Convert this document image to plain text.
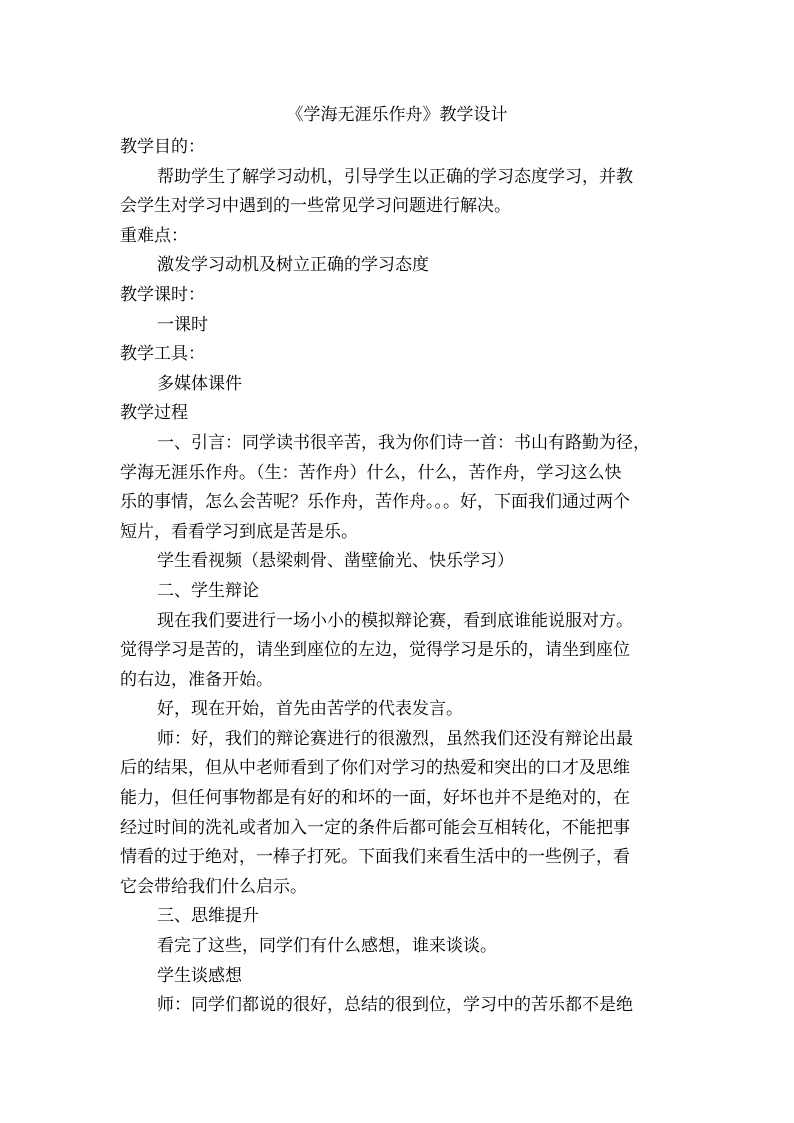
《学海无涯乐作舟》教学设计
教学目的：
帮助学生了解学习动机，引导学生以正确的学习态度学习，并教
会学生对学习中遇到的一些常见学习问题进行解决。
重难点：
激发学习动机及树立正确的学习态度
教学课时：
一课时
教学工具：
多媒体课件
教学过程
一、引言：同学读书很辛苦，我为你们诗一首：书山有路勤为径，
学海无涯乐作舟。（生：苦作舟）什么，什么，苦作舟，学习这么快
乐的事情，怎么会苦呢？乐作舟，苦作舟。。。好，下面我们通过两个
短片，看看学习到底是苦是乐。
学生看视频（悬梁刺骨、凿壁偷光、快乐学习）
二、学生辩论
现在我们要进行一场小小的模拟辩论赛，看到底谁能说服对方。
觉得学习是苦的，请坐到座位的左边，觉得学习是乐的，请坐到座位
的右边，准备开始。
好，现在开始，首先由苦学的代表发言。
师：好，我们的辩论赛进行的很激烈，虽然我们还没有辩论出最
后的结果，但从中老师看到了你们对学习的热爱和突出的口才及思维
能力，但任何事物都是有好的和坏的一面，好坏也并不是绝对的，在
经过时间的洗礼或者加入一定的条件后都可能会互相转化，不能把事
情看的过于绝对，一棒子打死。下面我们来看生活中的一些例子，看
它会带给我们什么启示。
三、思维提升
看完了这些，同学们有什么感想，谁来谈谈。
学生谈感想
师：同学们都说的很好，总结的很到位，学习中的苦乐都不是绝
